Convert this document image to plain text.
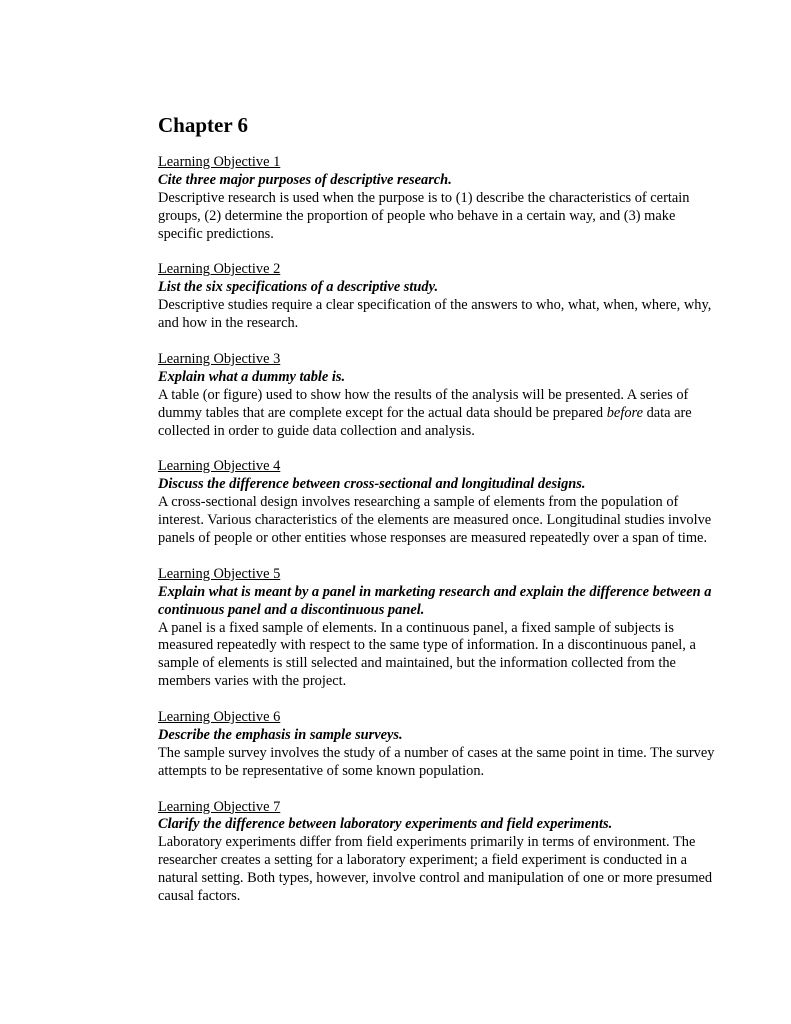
Chapter 6
Learning Objective 1
Cite three major purposes of descriptive research.
Descriptive research is used when the purpose is to (1) describe the characteristics of certain groups, (2) determine the proportion of people who behave in a certain way, and (3) make specific predictions.
Learning Objective 2
List the six specifications of a descriptive study.
Descriptive studies require a clear specification of the answers to who, what, when, where, why, and how in the research.
Learning Objective 3
Explain what a dummy table is.
A table (or figure) used to show how the results of the analysis will be presented. A series of dummy tables that are complete except for the actual data should be prepared before data are collected in order to guide data collection and analysis.
Learning Objective 4
Discuss the difference between cross-sectional and longitudinal designs.
A cross-sectional design involves researching a sample of elements from the population of interest. Various characteristics of the elements are measured once. Longitudinal studies involve panels of people or other entities whose responses are measured repeatedly over a span of time.
Learning Objective 5
Explain what is meant by a panel in marketing research and explain the difference between a continuous panel and a discontinuous panel.
A panel is a fixed sample of elements. In a continuous panel, a fixed sample of subjects is measured repeatedly with respect to the same type of information. In a discontinuous panel, a sample of elements is still selected and maintained, but the information collected from the members varies with the project.
Learning Objective 6
Describe the emphasis in sample surveys.
The sample survey involves the study of a number of cases at the same point in time. The survey attempts to be representative of some known population.
Learning Objective 7
Clarify the difference between laboratory experiments and field experiments.
Laboratory experiments differ from field experiments primarily in terms of environment. The researcher creates a setting for a laboratory experiment; a field experiment is conducted in a natural setting. Both types, however, involve control and manipulation of one or more presumed causal factors.
